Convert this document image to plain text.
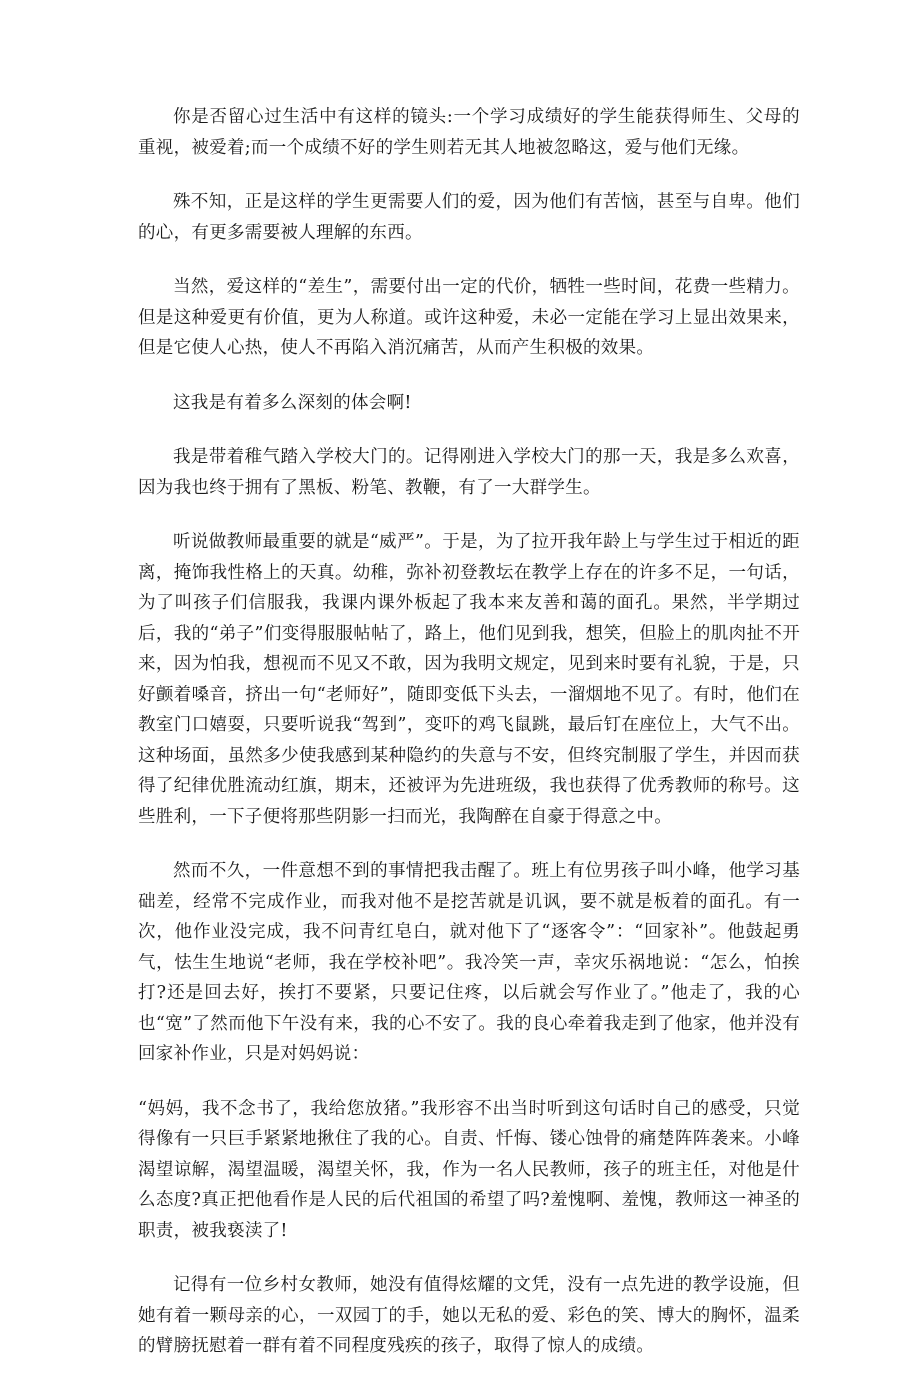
你是否留心过生活中有这样的镜头:一个学习成绩好的学生能获得师生、父母的重视，被爱着;而一个成绩不好的学生则若无其人地被忽略这，爱与他们无缘。

殊不知，正是这样的学生更需要人们的爱，因为他们有苦恼，甚至与自卑。他们的心，有更多需要被人理解的东西。

当然，爱这样的“差生”，需要付出一定的代价，牺牲一些时间，花费一些精力。但是这种爱更有价值，更为人称道。或许这种爱，未必一定能在学习上显出效果来，但是它使人心热，使人不再陷入消沉痛苦，从而产生积极的效果。

这我是有着多么深刻的体会啊!

我是带着稚气踏入学校大门的。记得刚进入学校大门的那一天，我是多么欢喜，因为我也终于拥有了黑板、粉笔、教鞭，有了一大群学生。

听说做教师最重要的就是“威严”。于是，为了拉开我年龄上与学生过于相近的距离，掩饰我性格上的天真。幼稚，弥补初登教坛在教学上存在的许多不足，一句话，为了叫孩子们信服我，我课内课外板起了我本来友善和蔼的面孔。果然，半学期过后，我的“弟子”们变得服服帖帖了，路上，他们见到我，想笑，但脸上的肌肉扯不开来，因为怕我，想视而不见又不敢，因为我明文规定，见到来时要有礼貌，于是，只好颤着嗓音，挤出一句“老师好”，随即变低下头去，一溜烟地不见了。有时，他们在教室门口嬉耍，只要听说我“驾到”，变吓的鸡飞鼠跳，最后钉在座位上，大气不出。这种场面，虽然多少使我感到某种隐约的失意与不安，但终究制服了学生，并因而获得了纪律优胜流动红旗，期末，还被评为先进班级，我也获得了优秀教师的称号。这些胜利，一下子便将那些阴影一扫而光，我陶醉在自豪于得意之中。

然而不久，一件意想不到的事情把我击醒了。班上有位男孩子叫小峰，他学习基础差，经常不完成作业，而我对他不是挖苦就是讥讽，要不就是板着的面孔。有一次，他作业没完成，我不问青红皂白，就对他下了“逐客令”：“回家补”。他鼓起勇气，怯生生地说“老师，我在学校补吧”。我冷笑一声，幸灾乐祸地说：“怎么，怕挨打?还是回去好，挨打不要紧，只要记住疼，以后就会写作业了。”他走了，我的心也“宽”了然而他下午没有来，我的心不安了。我的良心牵着我走到了他家，他并没有回家补作业，只是对妈妈说：

“妈妈，我不念书了，我给您放猪。”我形容不出当时听到这句话时自己的感受，只觉得像有一只巨手紧紧地揪住了我的心。自责、忏悔、镂心蚀骨的痛楚阵阵袭来。小峰渴望谅解，渴望温暖，渴望关怀，我，作为一名人民教师，孩子的班主任，对他是什么态度?真正把他看作是人民的后代祖国的希望了吗?羞愧啊、羞愧，教师这一神圣的职责，被我亵渎了!

记得有一位乡村女教师，她没有值得炫耀的文凭，没有一点先进的教学设施，但她有着一颗母亲的心，一双园丁的手，她以无私的爱、彩色的笑、博大的胸怀，温柔的臂膀抚慰着一群有着不同程度残疾的孩子，取得了惊人的成绩。
